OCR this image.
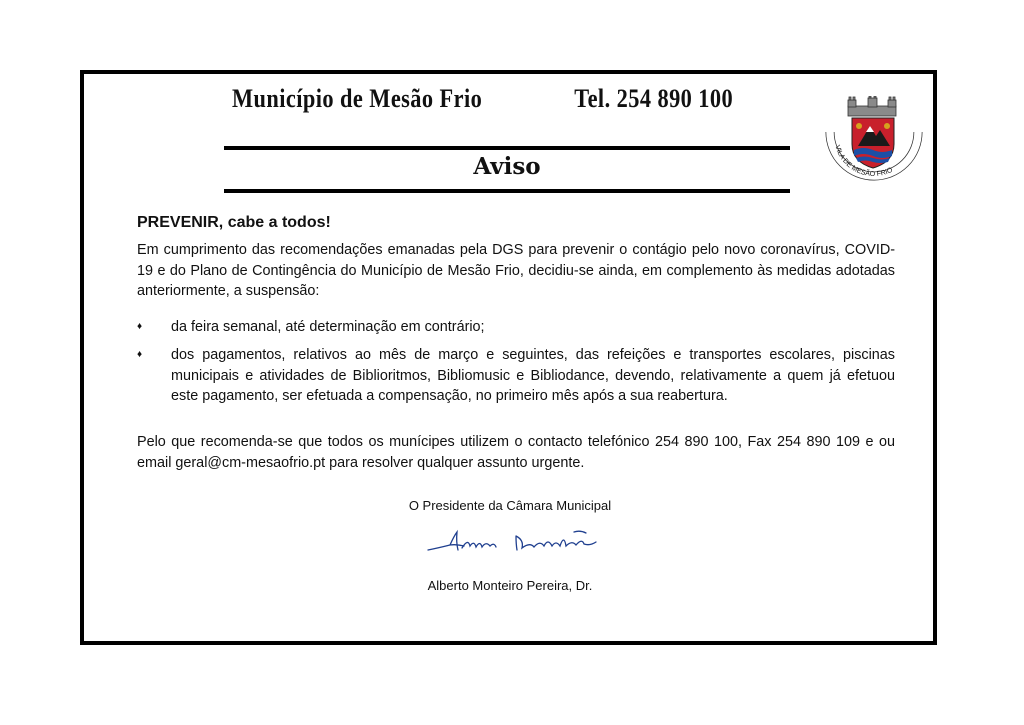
Município de Mesão Frio	Tel. 254 890 100
VILA DE MESÃO FRIO
Aviso
PREVENIR, cabe a todos!
Em cumprimento das recomendações emanadas pela DGS para prevenir o contágio pelo novo coronavírus, COVID-19 e do Plano de Contingência do Município de Mesão Frio, decidiu-se ainda, em complemento às medidas adotadas anteriormente, a suspensão:
♦ da feira semanal, até determinação em contrário;
♦ dos pagamentos, relativos ao mês de março e seguintes, das refeições e transportes escolares, piscinas municipais e atividades de Biblioritmos, Bibliomusic e Bibliodance, devendo, relativamente a quem já efetuou este pagamento, ser efetuada a compensação, no primeiro mês após a sua reabertura.
Pelo que recomenda-se que todos os munícipes utilizem o contacto telefónico 254 890 100, Fax 254 890 109 e ou email geral@cm-mesaofrio.pt para resolver qualquer assunto urgente.
O Presidente da Câmara Municipal
Alberto Monteiro Pereira, Dr.
